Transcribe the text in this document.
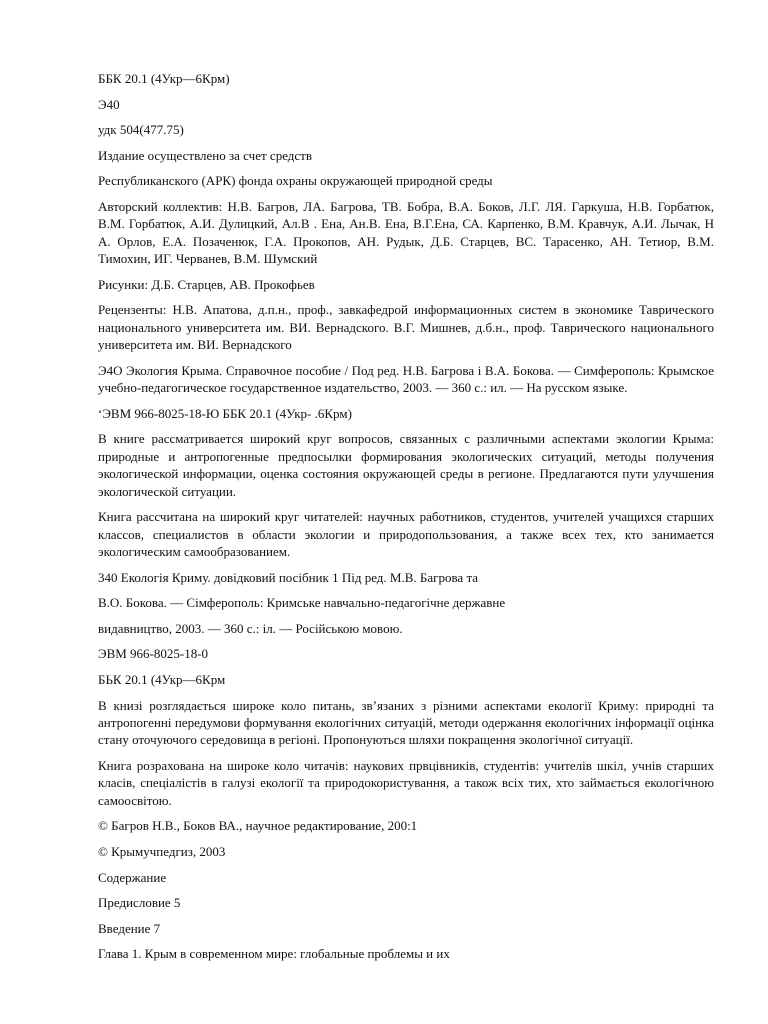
ББК 20.1 (4Укр—6Крм)

Э40

удк 504(477.75)

Издание осуществлено за счет средств

Республиканского (АРК) фонда охраны окружающей природной среды

Авторский коллектив: Н.В. Багров, ЛА. Багрова, ТВ. Бобра, В.А. Боков, Л.Г. ЛЯ. Гаркуша, Н.В. Горбатюк, В.М. Горбатюк, А.И. Дулицкий, Ал.В . Ена, Ан.В. Ена, В.Г.Ена, СА. Карпенко, В.М. Кравчук, А.И. Лычак, Н А. Орлов, Е.А. Позаченюк, Г.А. Прокопов, АН. Рудык, Д.Б. Старцев, ВС. Тарасенко, АН. Тетиор, В.М. Тимохин, ИГ. Черванев, В.М. Шумский

Рисунки: Д.Б. Старцев, АВ. Прокофьев

Рецензенты: Н.В. Апатова, д.п.н., проф., завкафедрой информационных систем в экономике Таврического национального университета им. ВИ. Вернадского. В.Г. Мишнев, д.б.н., проф. Таврического национального университета им. ВИ. Вернадского

Э4О Экология Крыма. Справочное пособие / Под ред. Н.В. Багрова і В.А. Бокова. — Симферополь: Крымское учебно-педагогическое государственное издательство, 2003. — 360 с.: ил. — На русском языке.

‘ЭВМ 966-8025-18-Ю ББК 20.1 (4Укр- .6Крм)

В книге рассматривается широкий круг вопросов, связанных с различными аспектами экологии Крыма: природные и антропогенные предпосылки формирования экологических ситуаций, методы получения экологической информации, оценка состояния окружающей среды в регионе. Предлагаются пути улучшения экологической ситуации.

Книга рассчитана на широкий круг читателей: научных работников, студентов, учителей учащихся старших классов, специалистов в области экологии и природопользования, а также всех тех, кто занимается экологическим самообразованием.

340 Екологія Криму. довідковий посібник 1 Під ред. М.В. Багрова та

В.О. Бокова. — Сімферополь: Кримське навчально-педагогічне державне

видавництво, 2003. — 360 с.: іл. — Російською мовою.

ЭВМ 966-8025-18-0

БЬК 20.1 (4Укр—6Крм

В книзі розглядається широке коло питань, зв’язаних з різними аспектами екології Криму: природні та антропогенні передумови формування екологічних ситуацій, методи одержання екологічних інформації оцінка стану оточуючого середовища в регіоні. Пропонуються шляхи покращення экологічної ситуації.

Книга розрахована на широке коло читачів: наукових првцівників, студентів: учителів шкіл, учнів старших класів, спеціалістів в галузі екології та природокористування, а також всіх тих, хто займається екологічною самоосвітою.

© Багров Н.В., Боков ВА., научное редактирование, 200:1

© Крымучпедгиз, 2003

Содержание

Предисловие 5

Введение 7

Глава 1. Крым в современном мире: глобальные проблемы и их
